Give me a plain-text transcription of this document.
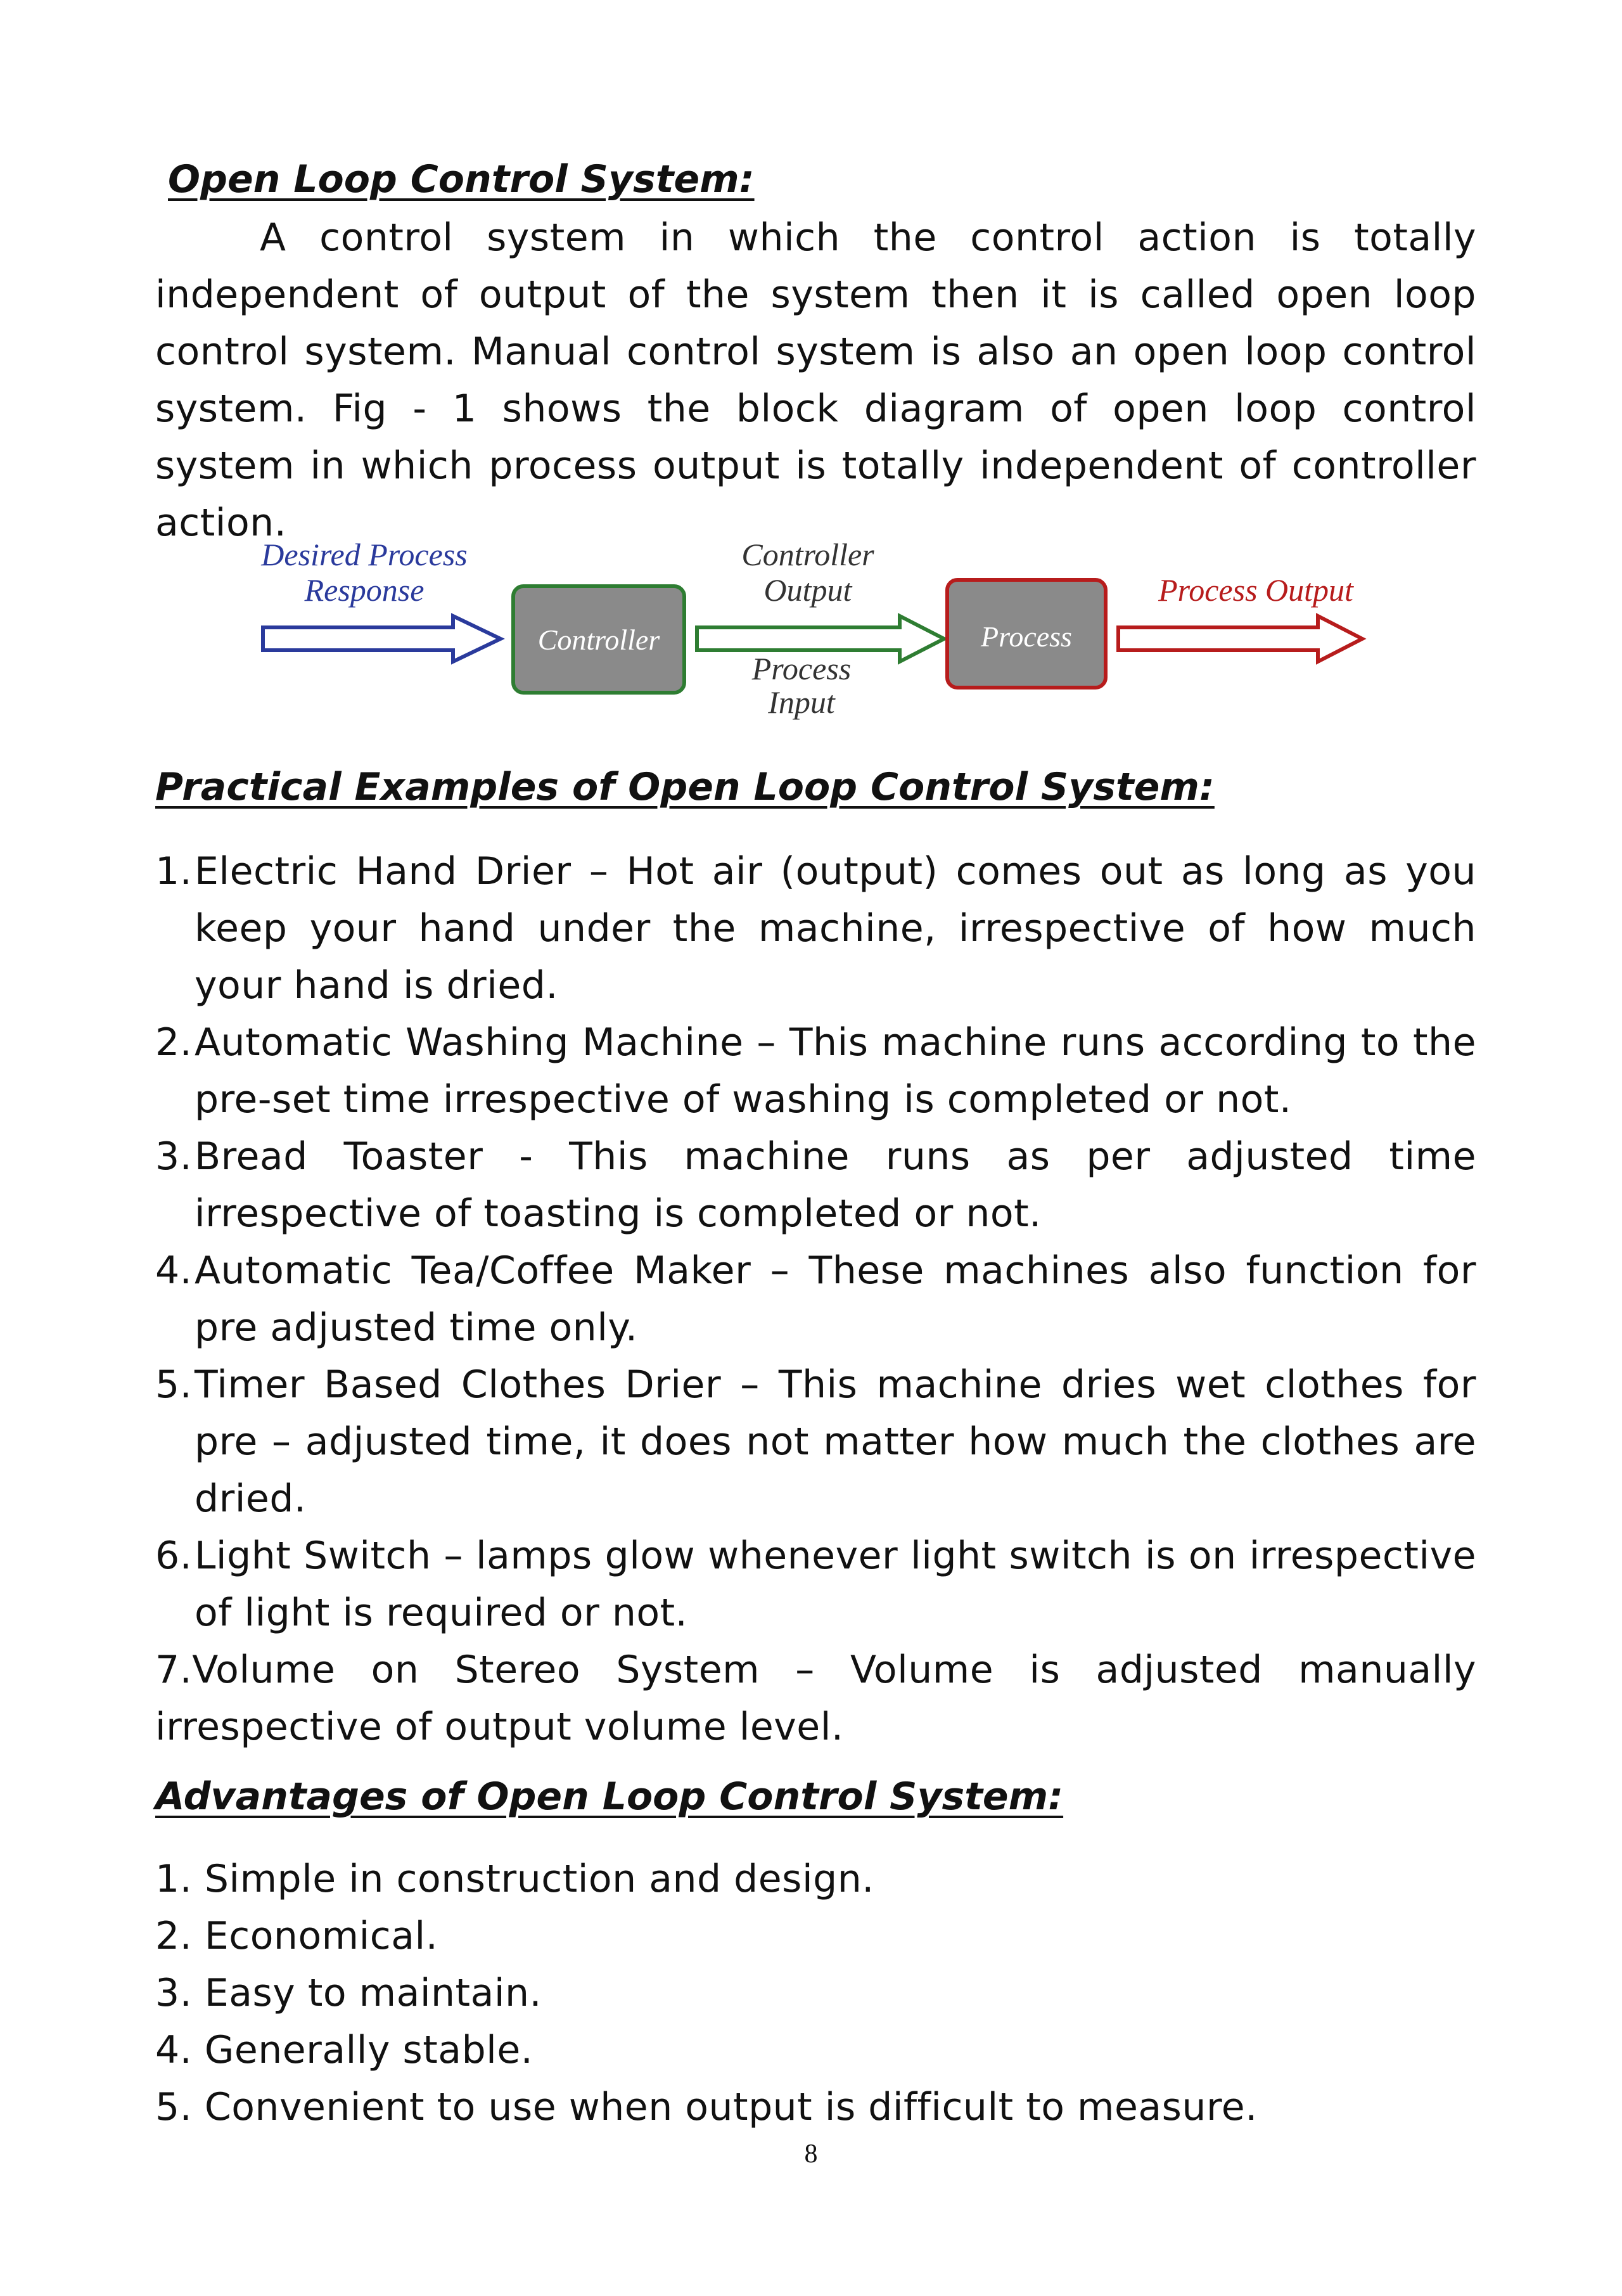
Open Loop Control System:
A control system in which the control action is totally independent of output of the system then it is called open loop control system. Manual control system is also an open loop control system. Fig - 1 shows the block diagram of open loop control system in which process output is totally independent of controller action.
Desired Process
Response
Controller
Controller
Output
Process
Input
Process
Process Output
Practical Examples of Open Loop Control System:
1. Electric Hand Drier – Hot air (output) comes out as long as you keep your hand under the machine, irrespective of how much your hand is dried.
2. Automatic Washing Machine – This machine runs according to the pre-set time irrespective of washing is completed or not.
3. Bread Toaster - This machine runs as per adjusted time irrespective of toasting is completed or not.
4. Automatic Tea/Coffee Maker – These machines also function for pre adjusted time only.
5. Timer Based Clothes Drier – This machine dries wet clothes for pre – adjusted time, it does not matter how much the clothes are dried.
6. Light Switch – lamps glow whenever light switch is on irrespective of light is required or not.
7.Volume on Stereo System – Volume is adjusted manually irrespective of output volume level.
Advantages of Open Loop Control System:
1. Simple in construction and design.
2. Economical.
3. Easy to maintain.
4. Generally stable.
5. Convenient to use when output is difficult to measure.
8
